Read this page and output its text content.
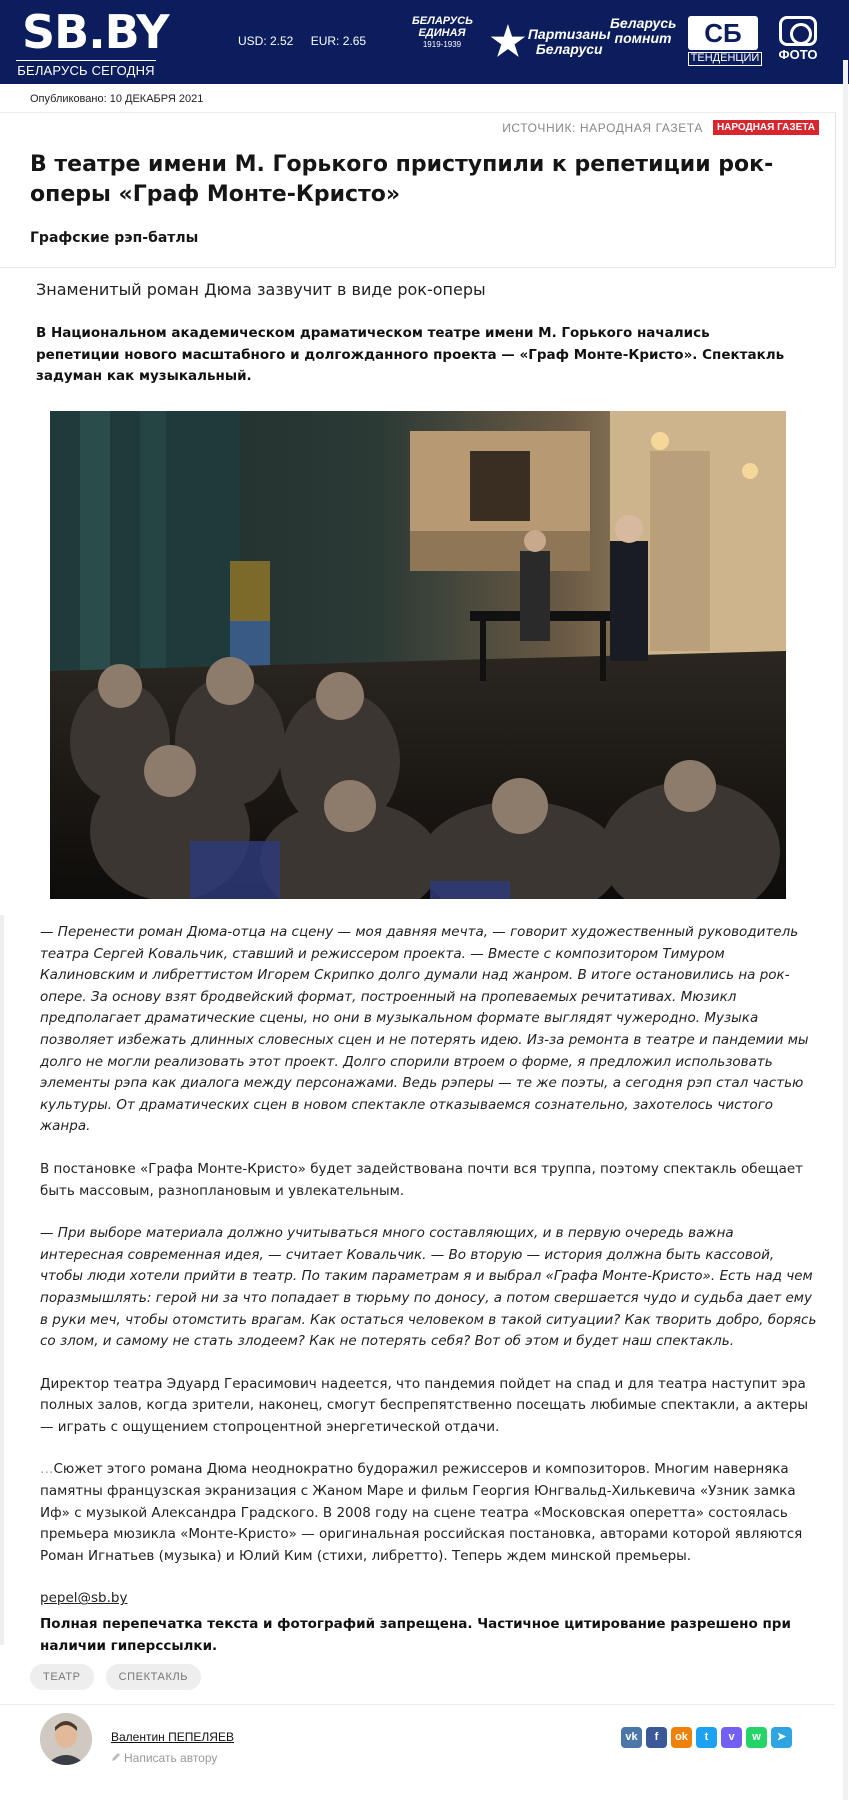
SB.BY
БЕЛАРУСЬ СЕГОДНЯ
USD: 2.52 EUR: 2.65
БЕЛАРУСЬ ЕДИНАЯ
1919-1939 ★ Партизаны Беларуси
Беларусь помнит	СБ
ТЕНДЕНЦИИ ФОТО
Опубликовано: 10 ДЕКАБРЯ 2021
ИСТОЧНИК: НАРОДНАЯ ГАЗЕТА	НАРОДНАЯ ГАЗЕТА
В театре имени М. Горького приступили к репетиции рок-оперы «Граф Монте-Кристо»
Графские рэп-батлы
Знаменитый роман Дюма зазвучит в виде рок-оперы
В Национальном академическом драматическом театре имени М. Горького начались репетиции нового масштабного и долгожданного проекта — «Граф Монте-Кристо». Спектакль задуман как музыкальный.

— Перенести роман Дюма-отца на сцену — моя давняя мечта, — говорит художественный руководитель театра Сергей Ковальчик, ставший и режиссером проекта. — Вместе с композитором Тимуром Калиновским и либреттистом Игорем Скрипко долго думали над жанром. В итоге остановились на рок-опере. За основу взят бродвейский формат, построенный на пропеваемых речитативах. Мюзикл предполагает драматические сцены, но они в музыкальном формате выглядят чужеродно. Музыка позволяет избежать длинных словесных сцен и не потерять идею. Из-за ремонта в театре и пандемии мы долго не могли реализовать этот проект. Долго спорили втроем о форме, я предложил использовать элементы рэпа как диалога между персонажами. Ведь рэперы — те же поэты, а сегодня рэп стал частью культуры. От драматических сцен в новом спектакле отказываемся сознательно, захотелось чистого жанра.

В постановке «Графа Монте-Кристо» будет задействована почти вся труппа, поэтому спектакль обещает быть массовым, разноплановым и увлекательным.

— При выборе материала должно учитываться много составляющих, и в первую очередь важна интересная современная идея, — считает Ковальчик. — Во вторую — история должна быть кассовой, чтобы люди хотели прийти в театр. По таким параметрам я и выбрал «Графа Монте-Кристо». Есть над чем поразмышлять: герой ни за что попадает в тюрьму по доносу, а потом свершается чудо и судьба дает ему в руки меч, чтобы отомстить врагам. Как остаться человеком в такой ситуации? Как творить добро, борясь со злом, и самому не стать злодеем? Как не потерять себя? Вот об этом и будет наш спектакль.

Директор театра Эдуард Герасимович надеется, что пандемия пойдет на спад и для театра наступит эра полных залов, когда зрители, наконец, смогут беспрепятственно посещать любимые спектакли, а актеры — играть с ощущением стопроцентной энергетической отдачи.

…Сюжет этого романа Дюма неоднократно будоражил режиссеров и композиторов. Многим наверняка памятны французская экранизация с Жаном Маре и фильм Георгия Юнгвальд-Хилькевича «Узник замка Иф» с музыкой Александра Градского. В 2008 году на сцене театра «Московская оперетта» состоялась премьера мюзикла «Монте-Кристо» — оригинальная российская постановка, авторами которой являются Роман Игнатьев (музыка) и Юлий Ким (стихи, либретто). Теперь ждем минской премьеры.

pepel@sb.by
Полная перепечатка текста и фотографий запрещена. Частичное цитирование разрешено при наличии гиперссылки.
ТЕАТР	СПЕКТАКЛЬ
Валентин ПЕПЕЛЯЕВ
Написать автору
vk	f	ok	t	v	w	➤
